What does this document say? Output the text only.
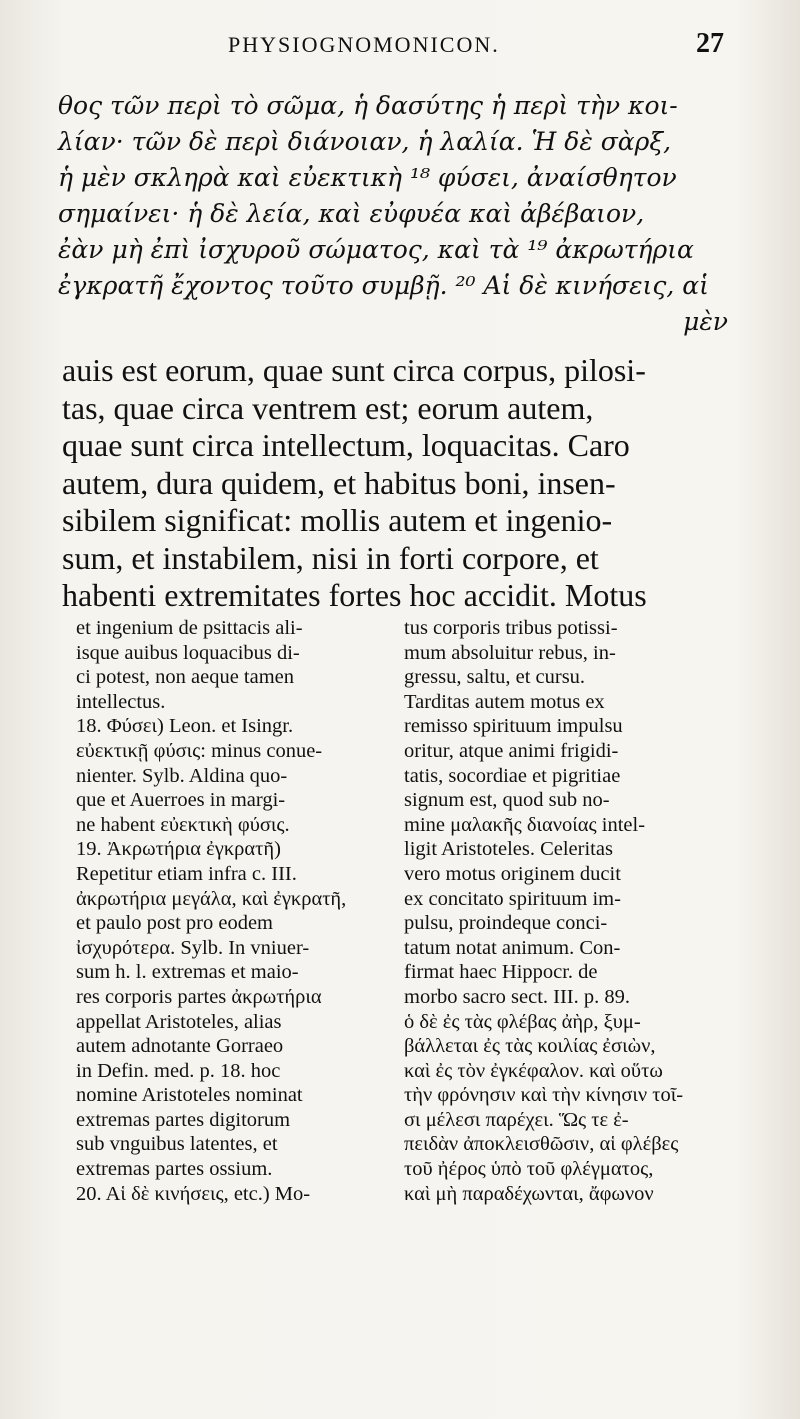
PHYSIOGNOMONICON.	27
θος τῶν περὶ τὸ σῶμα, ἡ δασύτης ἡ περὶ τὴν κοι-
λίαν· τῶν δὲ περὶ διάνοιαν, ἡ λαλία. Ἡ δὲ σὰρξ,
ἡ μὲν σκληρὰ καὶ εὐεκτικὴ ¹⁸ φύσει, ἀναίσθητον
σημαίνει· ἡ δὲ λεία, καὶ εὐφυέα καὶ ἀβέβαιον,
ἐὰν μὴ ἐπὶ ἰσχυροῦ σώματος, καὶ τὰ ¹⁹ ἀκρωτήρια
ἐγκρατῆ ἔχοντος τοῦτο συμβῇ. ²⁰ Αἱ δὲ κινήσεις, αἱ
μὲν
auis est eorum, quae sunt circa corpus, pilosi-
tas, quae circa ventrem est; eorum autem,
quae sunt circa intellectum, loquacitas. Caro
autem, dura quidem, et habitus boni, insen-
sibilem significat: mollis autem et ingenio-
sum, et instabilem, nisi in forti corpore, et
habenti extremitates fortes hoc accidit. Motus
et ingenium de psittacis ali-
isque auibus loquacibus di-
ci potest, non aeque tamen
intellectus.
18. Φύσει) Leon. et Isingr.
εὐεκτικῇ φύσις: minus conue-
nienter. Sylb. Aldina quo-
que et Auerroes in margi-
ne habent εὐεκτικὴ φύσις.
19. Ἀκρωτήρια ἐγκρατῆ)
Repetitur etiam infra c. III.
ἀκρωτήρια μεγάλα, καὶ ἐγκρατῆ,
et paulo post pro eodem
ἰσχυρότερα. Sylb. In vniuer-
sum h. l. extremas et maio-
res corporis partes ἀκρωτήρια
appellat Aristoteles, alias
autem adnotante Gorraeo
in Defin. med. p. 18. hoc
nomine Aristoteles nominat
extremas partes digitorum
sub vnguibus latentes, et
extremas partes ossium.
20. Αἱ δὲ κινήσεις, etc.) Mo-
tus corporis tribus potissi-
mum absoluitur rebus, in-
gressu, saltu, et cursu.
Tarditas autem motus ex
remisso spirituum impulsu
oritur, atque animi frigidi-
tatis, socordiae et pigritiae
signum est, quod sub no-
mine μαλακῆς διανοίας intel-
ligit Aristoteles. Celeritas
vero motus originem ducit
ex concitato spirituum im-
pulsu, proindeque conci-
tatum notat animum. Con-
firmat haec Hippocr. de
morbo sacro sect. III. p. 89.
ὁ δὲ ἐς τὰς φλέβας ἀὴρ, ξυμ-
βάλλεται ἐς τὰς κοιλίας ἐσιὼν,
καὶ ἐς τὸν ἐγκέφαλον. καὶ οὕτω
τὴν φρόνησιν καὶ τὴν κίνησιν τοῖ-
σι μέλεσι παρέχει. Ὥς τε ἐ-
πειδὰν ἀποκλεισθῶσιν, αἱ φλέβες
τοῦ ἠέρος ὑπὸ τοῦ φλέγματος,
καὶ μὴ παραδέχωνται, ἄφωνον
